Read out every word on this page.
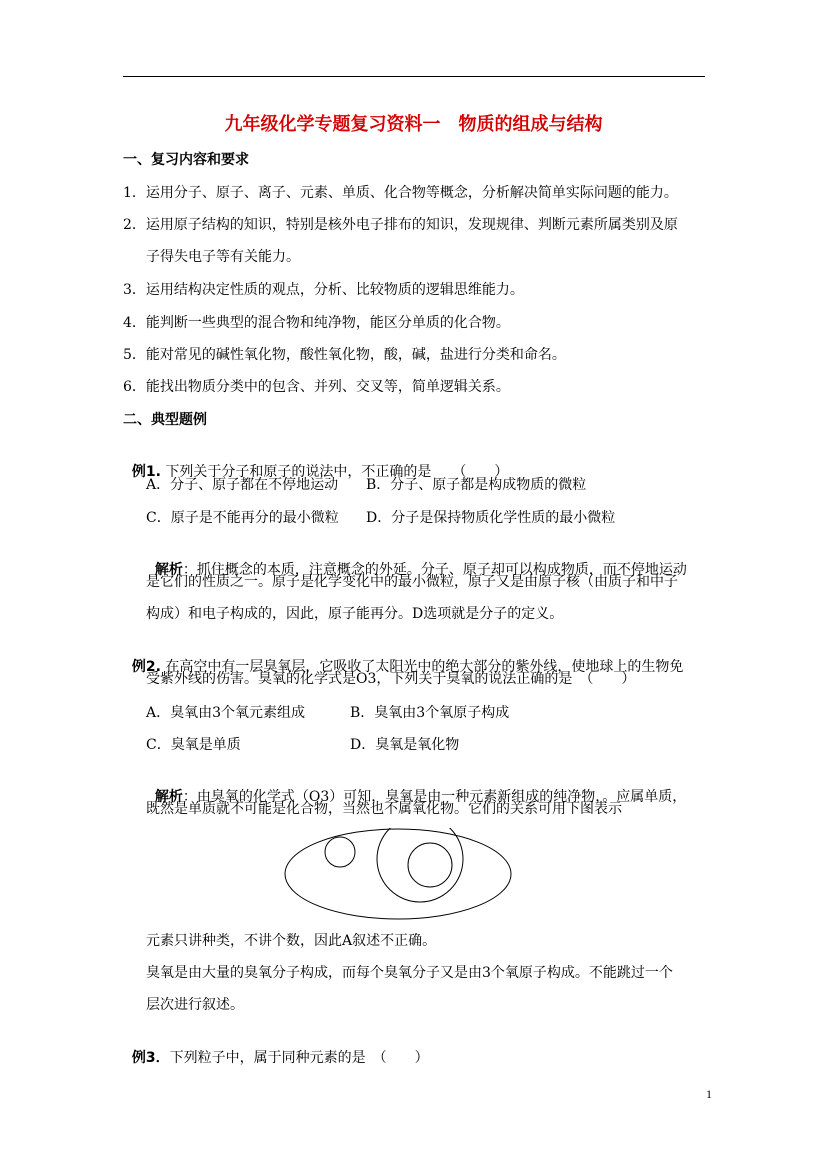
九年级化学专题复习资料一　物质的组成与结构
一、复习内容和要求
1．运用分子、原子、离子、元素、单质、化合物等概念，分析解决简单实际问题的能力。
2．运用原子结构的知识，特别是核外电子排布的知识，发现规律、判断元素所属类别及原
子得失电子等有关能力。
3．运用结构决定性质的观点，分析、比较物质的逻辑思维能力。
4．能判断一些典型的混合物和纯净物，能区分单质的化合物。
5．能对常见的碱性氧化物，酸性氧化物，酸，碱，盐进行分类和命名。
6．能找出物质分类中的包含、并列、交叉等，简单逻辑关系。
二、典型题例

例1. 下列关于分子和原子的说法中，不正确的是　　（　　）

A．分子、原子都在不停地运动 B．分子、原子都是构成物质的微粒
C．原子是不能再分的最小微粒 D．分子是保持物质化学性质的最小微粒

解析：抓住概念的本质，注意概念的外延。分子、原子却可以构成物质，而不停地运动

是它们的性质之一。原子是化学变化中的最小微粒，原子又是由原子核（由质子和中子
构成）和电子构成的，因此，原子能再分。D选项就是分子的定义。

例2. 在高空中有一层臭氧层，它吸收了太阳光中的绝大部分的紫外线，使地球上的生物免

受紫外线的伤害。臭氧的化学式是O3，下列关于臭氧的说法正确的是　（　　）
A．臭氧由3个氧元素组成	B．臭氧由3个氧原子构成
C．臭氧是单质	D．臭氧是氧化物

解析：由臭氧的化学式（O3）可知，臭氧是由一种元素新组成的纯净物，。应属单质，

既然是单质就不可能是化合物，当然也不属氧化物。它们的关系可用下图表示
元素只讲种类，不讲个数，因此A叙述不正确。
臭氧是由大量的臭氧分子构成，而每个臭氧分子又是由3个氧原子构成。不能跳过一个
层次进行叙述。

例3．下列粒子中，属于同种元素的是　（　　）

1
